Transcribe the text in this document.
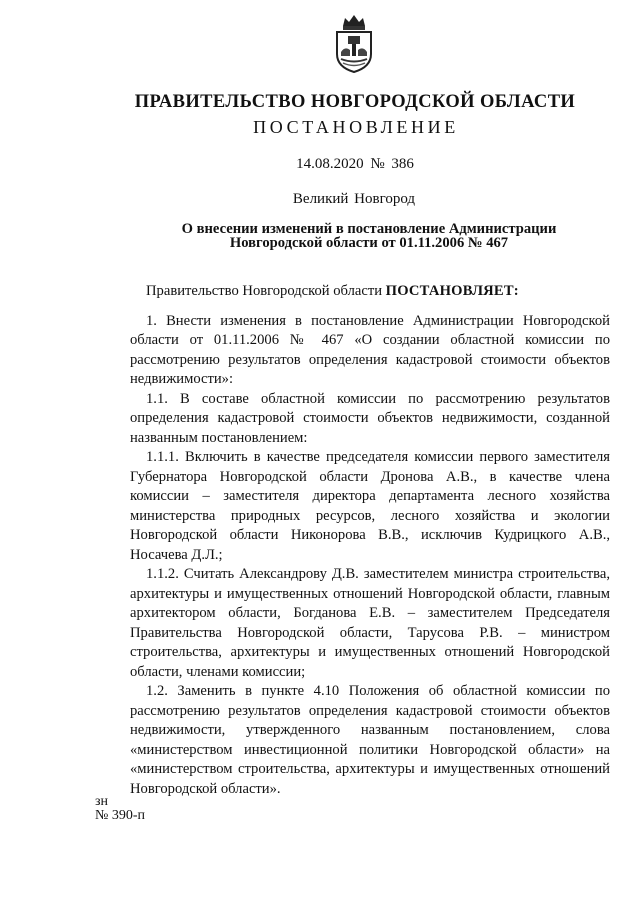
ПРАВИТЕЛЬСТВО НОВГОРОДСКОЙ ОБЛАСТИ
ПОСТАНОВЛЕНИЕ
14.08.2020 № 386
Великий Новгород
О внесении изменений в постановление Администрации
Новгородской области от 01.11.2006 № 467

Правительство Новгородской области ПОСТАНОВЛЯЕТ:

1. Внести изменения в постановление Администрации Новгородской области от 01.11.2006 № 467 «О создании областной комиссии по рассмотрению результатов определения кадастровой стоимости объектов недвижимости»:

1.1. В составе областной комиссии по рассмотрению результатов определения кадастровой стоимости объектов недвижимости, созданной названным постановлением:

1.1.1. Включить в качестве председателя комиссии первого заместителя Губернатора Новгородской области Дронова А.В., в качестве члена комиссии – заместителя директора департамента лесного хозяйства министерства природных ресурсов, лесного хозяйства и экологии Новгородской области Никонорова В.В., исключив Кудрицкого А.В., Носачева Д.Л.;

1.1.2. Считать Александрову Д.В. заместителем министра строительства, архитектуры и имущественных отношений Новгородской области, главным архитектором области, Богданова Е.В. – заместителем Председателя Правительства Новгородской области, Тарусова Р.В. – министром строительства, архитектуры и имущественных отношений Новгородской области, членами комиссии;

1.2. Заменить в пункте 4.10 Положения об областной комиссии по рассмотрению результатов определения кадастровой стоимости объектов недвижимости, утвержденного названным постановлением, слова «министерством инвестиционной политики Новгородской области» на «министерством строительства, архитектуры и имущественных отношений Новгородской области».

зн
№ 390-п
